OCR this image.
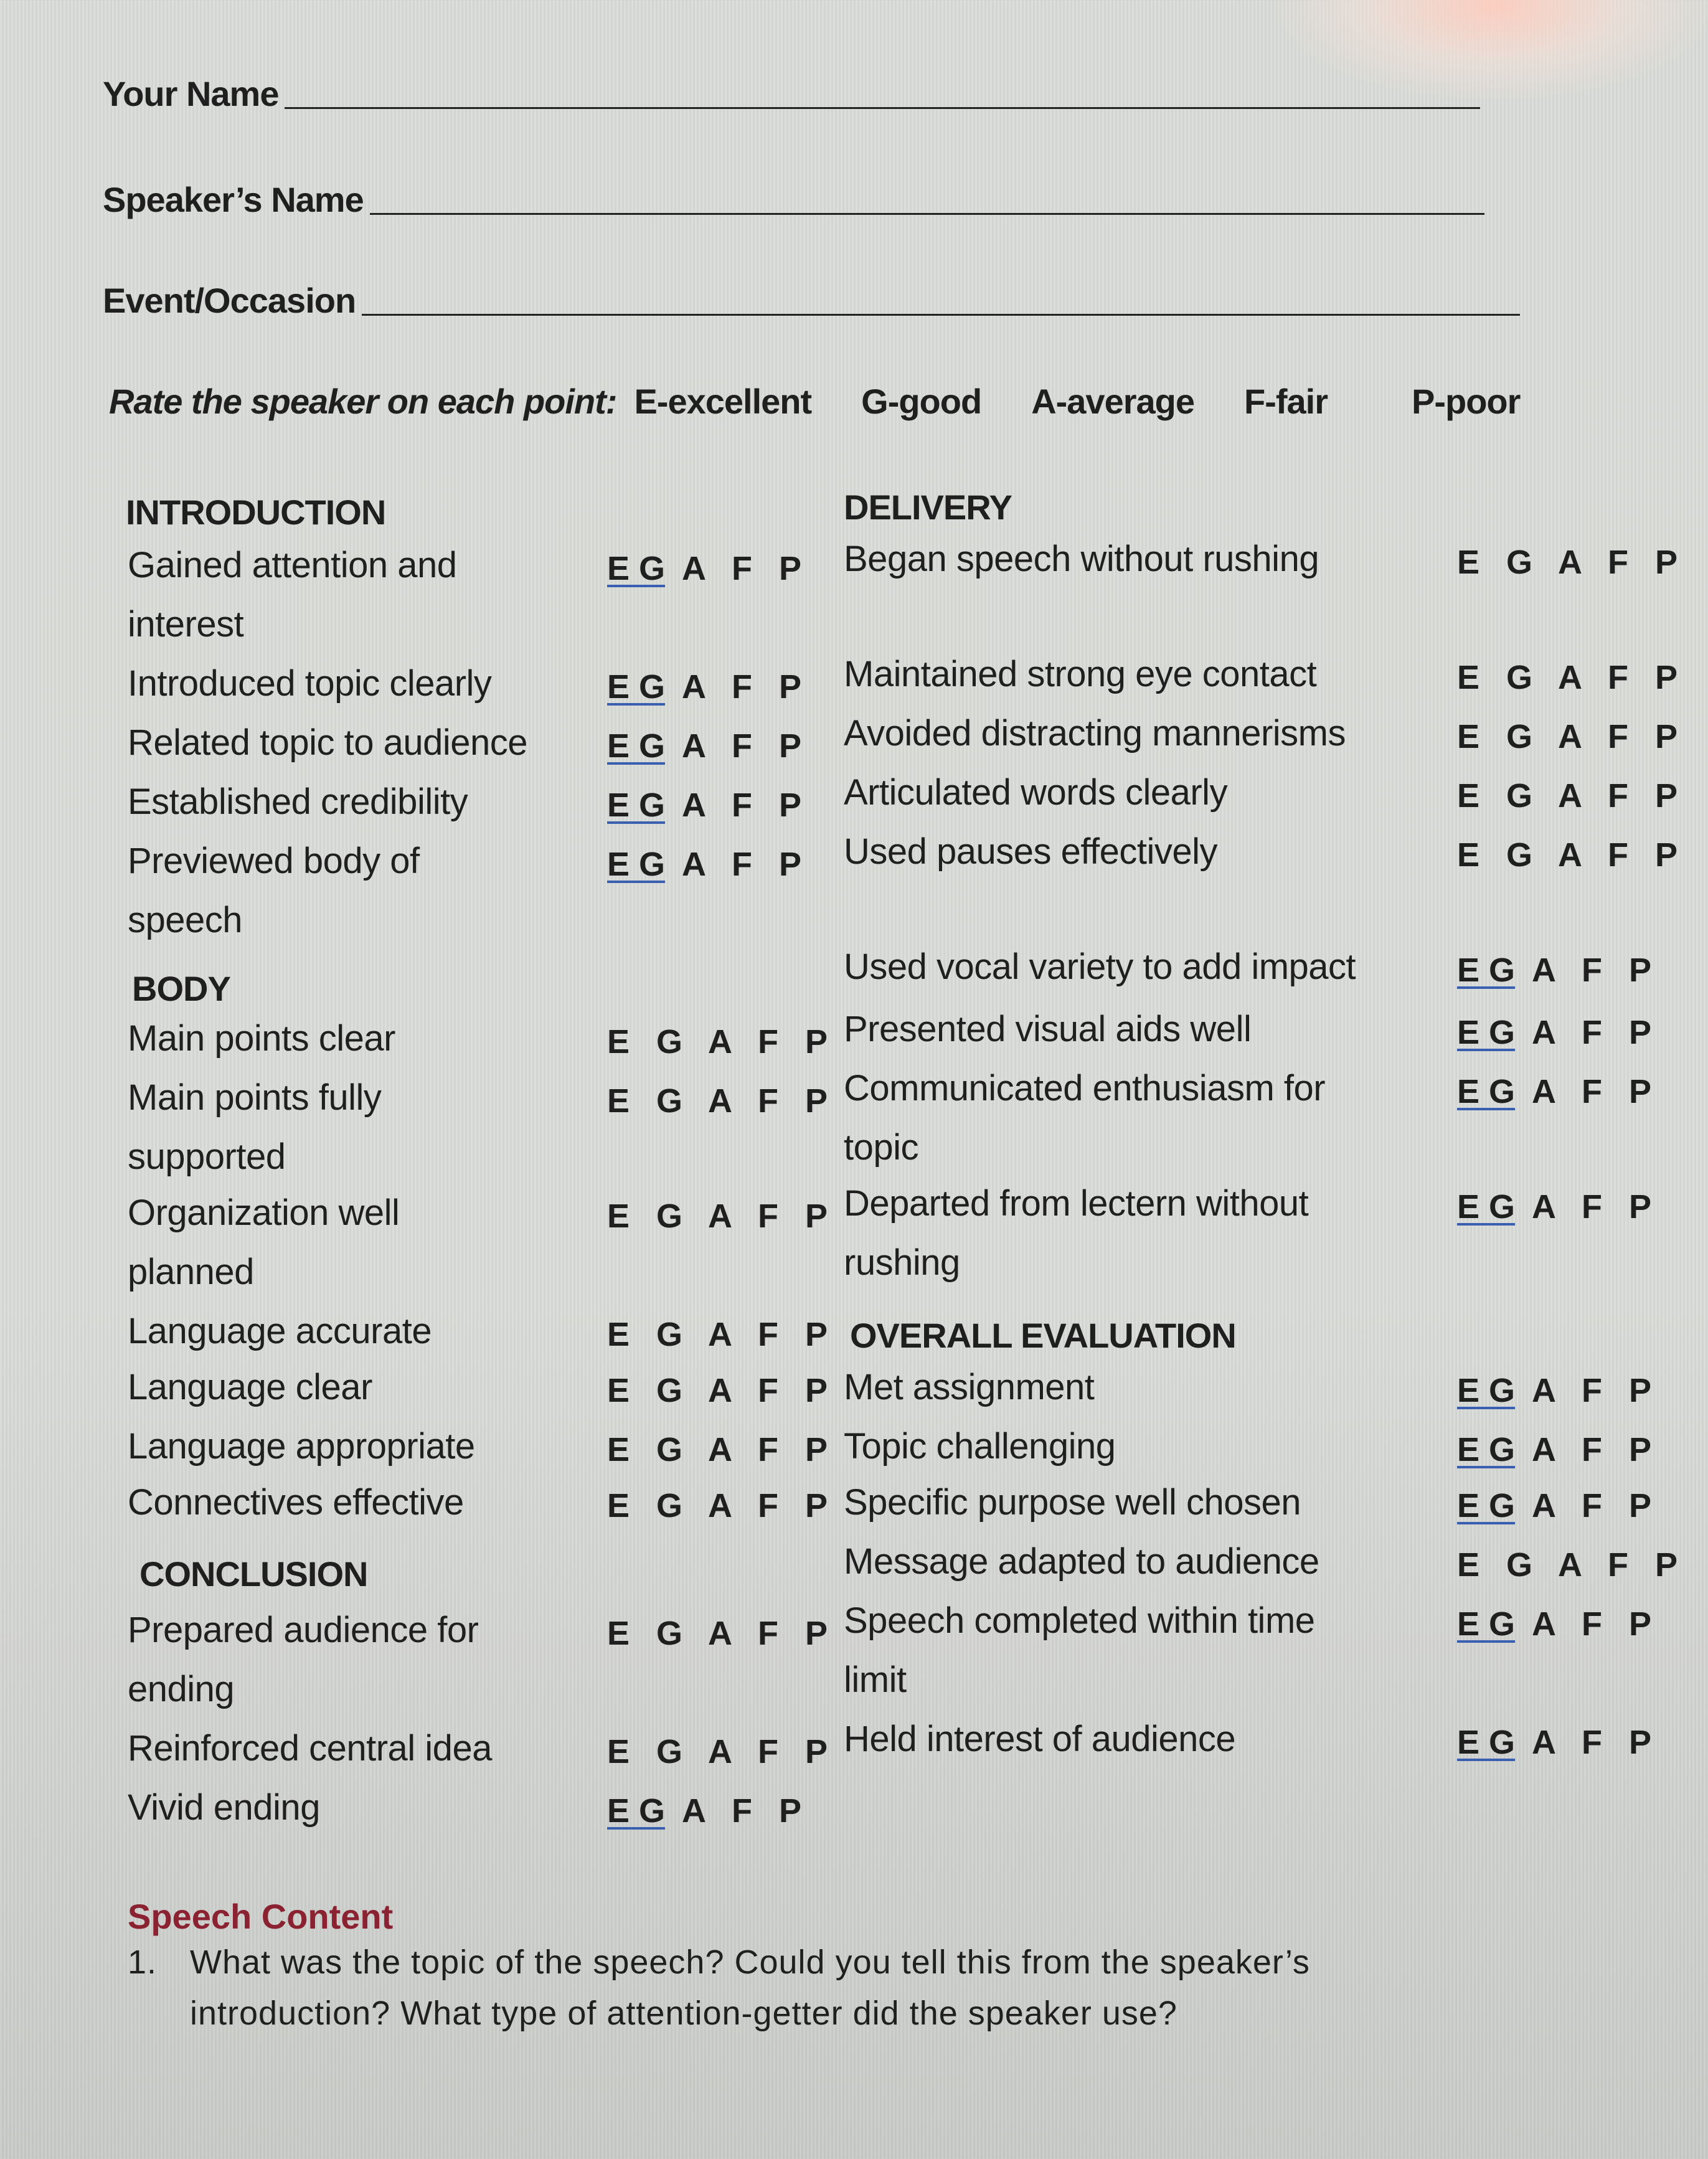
Your Name
Speaker’s Name
Event/Occasion
Rate the speaker on each point: E-excellent G-good A-average F-fair P-poor
INTRODUCTION	DELIVERY
BODY
OVERALL EVALUATION
CONCLUSION
Gained attention and
interest
E G A F P
Introduced topic clearly	E G A F P
Related topic to audience E G A F P
Established credibility	E G A F P
Previewed body of
speech
E G A F P
Main points clear	E G A F P
Main points fully
supported
E G A F P
Organization well
planned
E G A F P
Language accurate	E G A F P
Language clear	E G A F P
Language appropriate	E G A F P
Connectives effective	E G A F P
Prepared audience for
ending
E G A F P
Reinforced central idea	E G A F P
Vivid ending	E G A F P
Began speech without rushing	E G A F P
Maintained strong eye contact	E G A F P
Avoided distracting mannerisms	E G A F P
Articulated words clearly	E G A F P
Used pauses effectively	E G A F P
Used vocal variety to add impact	E G A F P
Presented visual aids well	E G A F P
Communicated enthusiasm for
topic
E G A F P
Departed from lectern without
rushing
E G A F P
Met assignment	E G A F P
Topic challenging	E G A F P
Specific purpose well chosen	E G A F P
Message adapted to audience	E G A F P
Speech completed within time
limit
E G A F P
Held interest of audience	E G A F P
Speech Content
1. What was the topic of the speech? Could you tell this from the speaker’s
introduction? What type of attention-getter did the speaker use?
